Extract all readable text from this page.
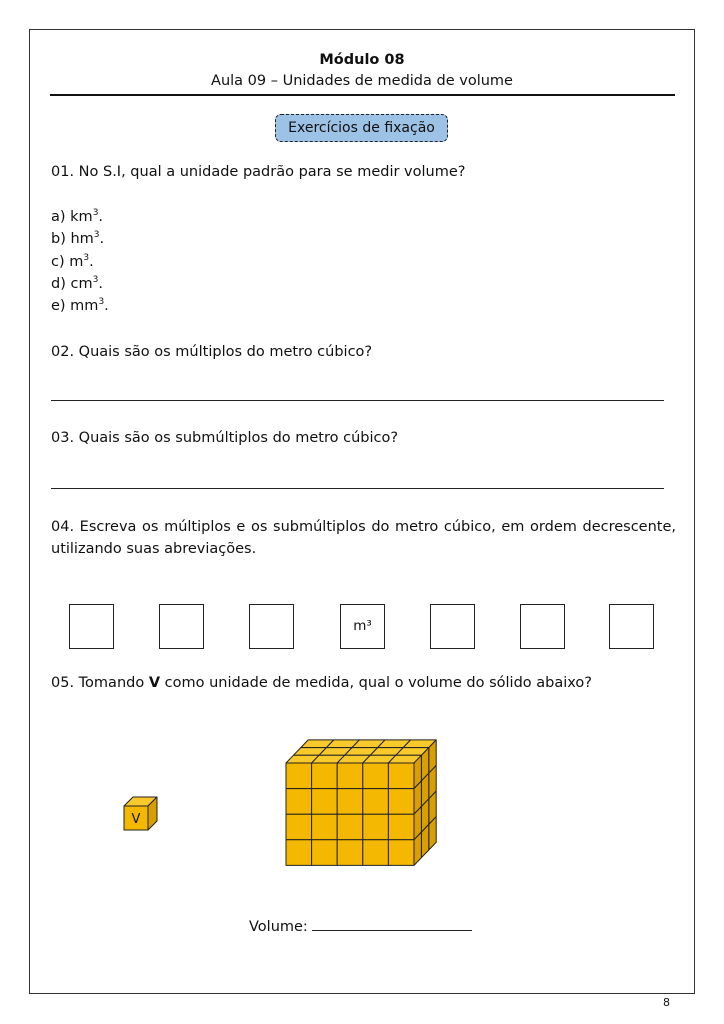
Módulo 08
Aula 09 – Unidades de medida de volume
Exercícios de fixação
01. No S.I, qual a unidade padrão para se medir volume?
a) $km^3$.
b) $hm^3$.
c) $m^3$.
d) $cm^3$.
e) $mm^3$.
02. Quais são os múltiplos do metro cúbico?
03. Quais são os submúltiplos do metro cúbico?
04. Escreva os múltiplos e os submúltiplos do metro cúbico, em ordem decrescente, utilizando suas abreviações.
m³
05. Tomando V como unidade de medida, qual o volume do sólido abaixo?
V
Volume:
8
